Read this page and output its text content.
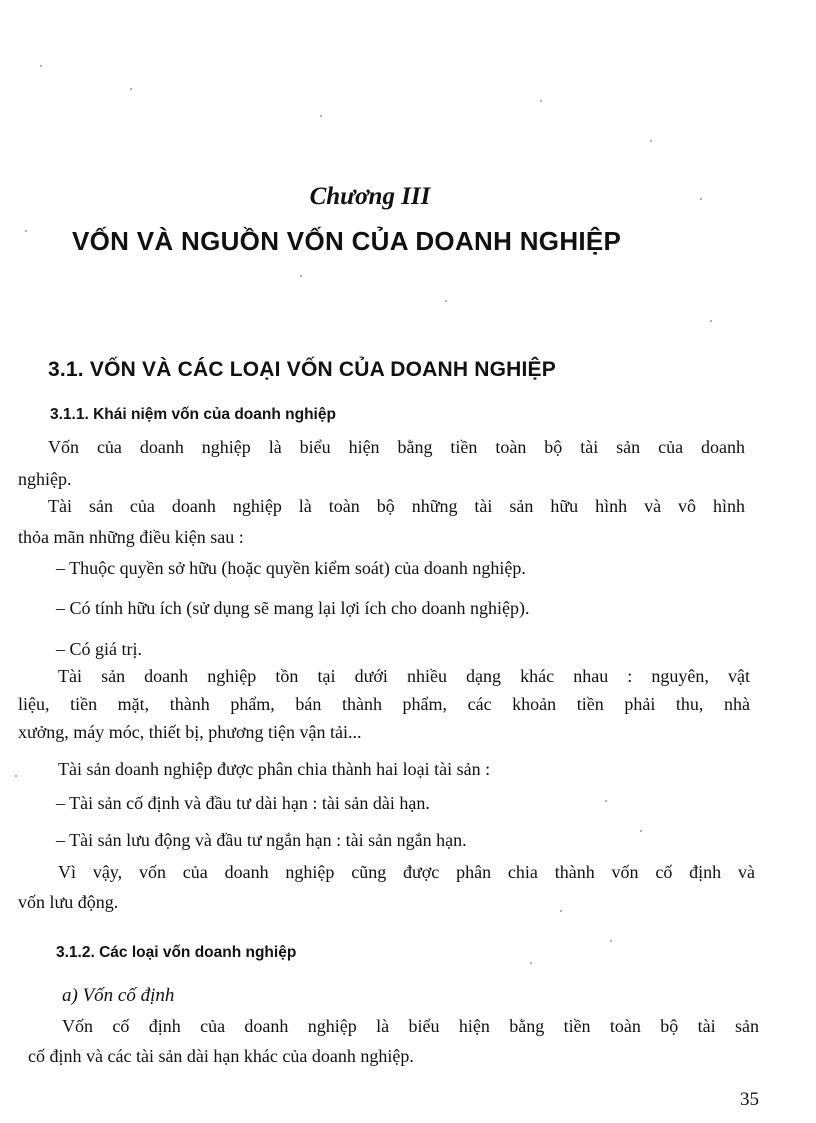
Chương III
VỐN VÀ NGUỒN VỐN CỦA DOANH NGHIỆP
3.1. VỐN VÀ CÁC LOẠI VỐN CỦA DOANH NGHIỆP
3.1.1. Khái niệm vốn của doanh nghiệp
Vốn của doanh nghiệp là biểu hiện bằng tiền toàn bộ tài sản của doanh
nghiệp.
Tài sản của doanh nghiệp là toàn bộ những tài sản hữu hình và vô hình
thỏa mãn những điều kiện sau :
– Thuộc quyền sở hữu (hoặc quyền kiểm soát) của doanh nghiệp.
– Có tính hữu ích (sử dụng sẽ mang lại lợi ích cho doanh nghiệp).
– Có giá trị.
Tài sản doanh nghiệp tồn tại dưới nhiều dạng khác nhau : nguyên, vật
liệu, tiền mặt, thành phẩm, bán thành phẩm, các khoản tiền phải thu, nhà
xưởng, máy móc, thiết bị, phương tiện vận tải...
Tài sản doanh nghiệp được phân chia thành hai loại tài sản :
– Tài sản cố định và đầu tư dài hạn : tài sản dài hạn.
– Tài sản lưu động và đầu tư ngắn hạn : tài sản ngắn hạn.
Vì vậy, vốn của doanh nghiệp cũng được phân chia thành vốn cố định và
vốn lưu động.
3.1.2. Các loại vốn doanh nghiệp
a) Vốn cố định
Vốn cố định của doanh nghiệp là biểu hiện bằng tiền toàn bộ tài sản
cố định và các tài sản dài hạn khác của doanh nghiệp.
35
